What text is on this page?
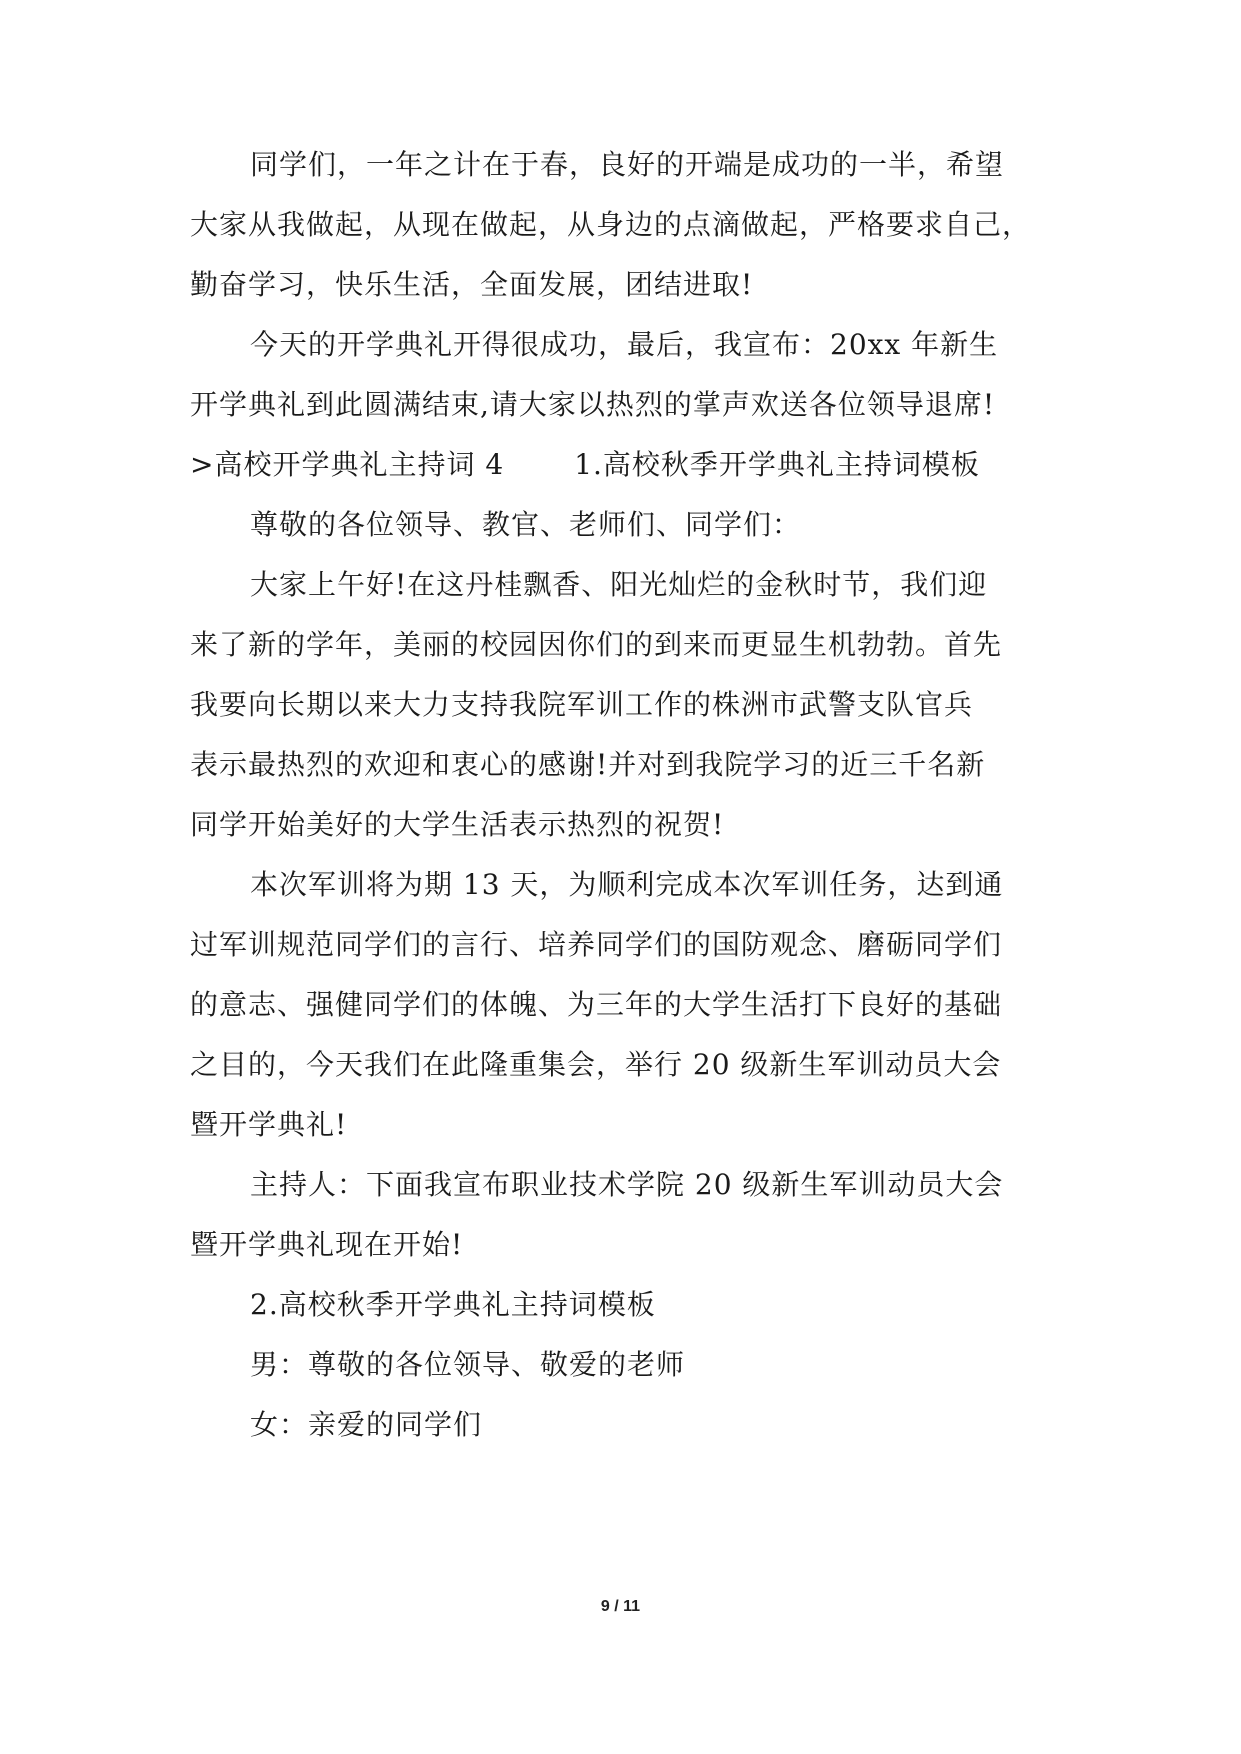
同学们，一年之计在于春，良好的开端是成功的一半，希望
大家从我做起，从现在做起，从身边的点滴做起，严格要求自己，
勤奋学习，快乐生活，全面发展，团结进取!
今天的开学典礼开得很成功，最后，我宣布：20xx 年新生
开学典礼到此圆满结束,请大家以热烈的掌声欢送各位领导退席!
>高校开学典礼主持词 4	1.高校秋季开学典礼主持词模板
尊敬的各位领导、教官、老师们、同学们：
大家上午好!在这丹桂飘香、阳光灿烂的金秋时节，我们迎
来了新的学年，美丽的校园因你们的到来而更显生机勃勃。首先
我要向长期以来大力支持我院军训工作的株洲市武警支队官兵
表示最热烈的欢迎和衷心的感谢!并对到我院学习的近三千名新
同学开始美好的大学生活表示热烈的祝贺!
本次军训将为期 13 天，为顺利完成本次军训任务，达到通
过军训规范同学们的言行、培养同学们的国防观念、磨砺同学们
的意志、强健同学们的体魄、为三年的大学生活打下良好的基础
之目的，今天我们在此隆重集会，举行 20 级新生军训动员大会
暨开学典礼!
主持人：下面我宣布职业技术学院 20 级新生军训动员大会
暨开学典礼现在开始!
2.高校秋季开学典礼主持词模板
男：尊敬的各位领导、敬爱的老师
女：亲爱的同学们
9 / 11
